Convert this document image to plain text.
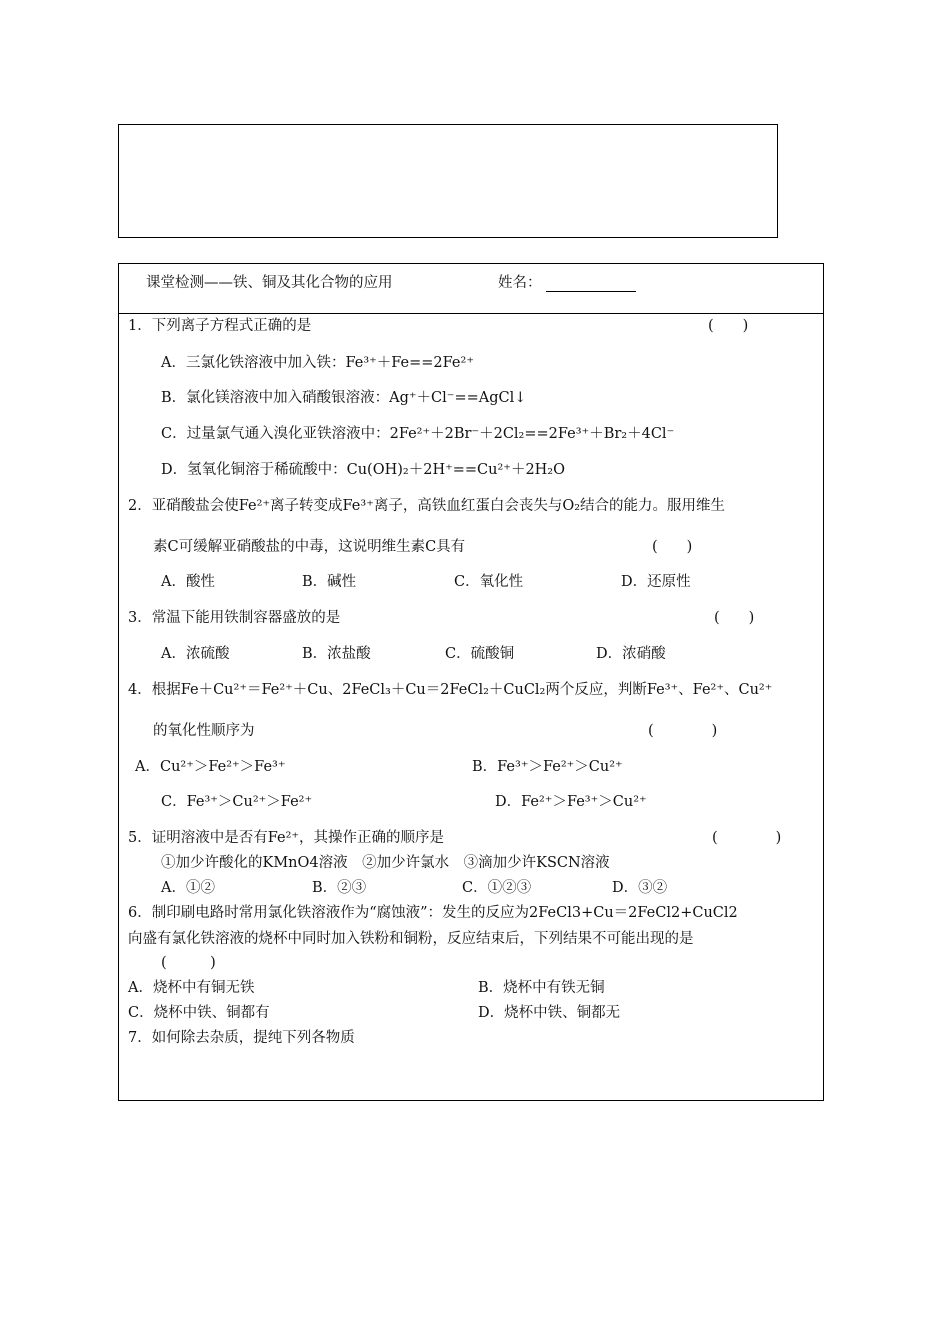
课堂检测——铁、铜及其化合物的应用	姓名：
1．下列离子方程式正确的是	(　　)
A．三氯化铁溶液中加入铁：Fe³⁺＋Fe==2Fe²⁺
B．氯化镁溶液中加入硝酸银溶液：Ag⁺＋Cl⁻==AgCl↓
C．过量氯气通入溴化亚铁溶液中：2Fe²⁺＋2Br⁻＋2Cl₂==2Fe³⁺＋Br₂＋4Cl⁻
D．氢氧化铜溶于稀硫酸中：Cu(OH)₂＋2H⁺==Cu²⁺＋2H₂O
2．亚硝酸盐会使Fe²⁺离子转变成Fe³⁺离子，高铁血红蛋白会丧失与O₂结合的能力。服用维生
素C可缓解亚硝酸盐的中毒，这说明维生素C具有	(　　)
A．酸性	B．碱性	C．氧化性	D．还原性
3．常温下能用铁制容器盛放的是	(　　)
A．浓硫酸	B．浓盐酸	C．硫酸铜	D．浓硝酸
4．根据Fe＋Cu²⁺＝Fe²⁺＋Cu、2FeCl₃＋Cu＝2FeCl₂＋CuCl₂两个反应，判断Fe³⁺、Fe²⁺、Cu²⁺
的氧化性顺序为	(　　　　)
A．Cu²⁺＞Fe²⁺＞Fe³⁺	B．Fe³⁺＞Fe²⁺＞Cu²⁺
C．Fe³⁺＞Cu²⁺＞Fe²⁺	D．Fe²⁺＞Fe³⁺＞Cu²⁺
5．证明溶液中是否有Fe²⁺，其操作正确的顺序是	(　　　　)
①加少许酸化的KMnO4溶液　②加少许氯水　③滴加少许KSCN溶液
A．①②	B．②③	C．①②③	D．③②
6．制印刷电路时常用氯化铁溶液作为“腐蚀液”：发生的反应为2FeCl3+Cu＝2FeCl2+CuCl2
向盛有氯化铁溶液的烧杯中同时加入铁粉和铜粉，反应结束后，下列结果不可能出现的是
(　　　)
A．烧杯中有铜无铁	B．烧杯中有铁无铜
C．烧杯中铁、铜都有	D．烧杯中铁、铜都无
7．如何除去杂质，提纯下列各物质
